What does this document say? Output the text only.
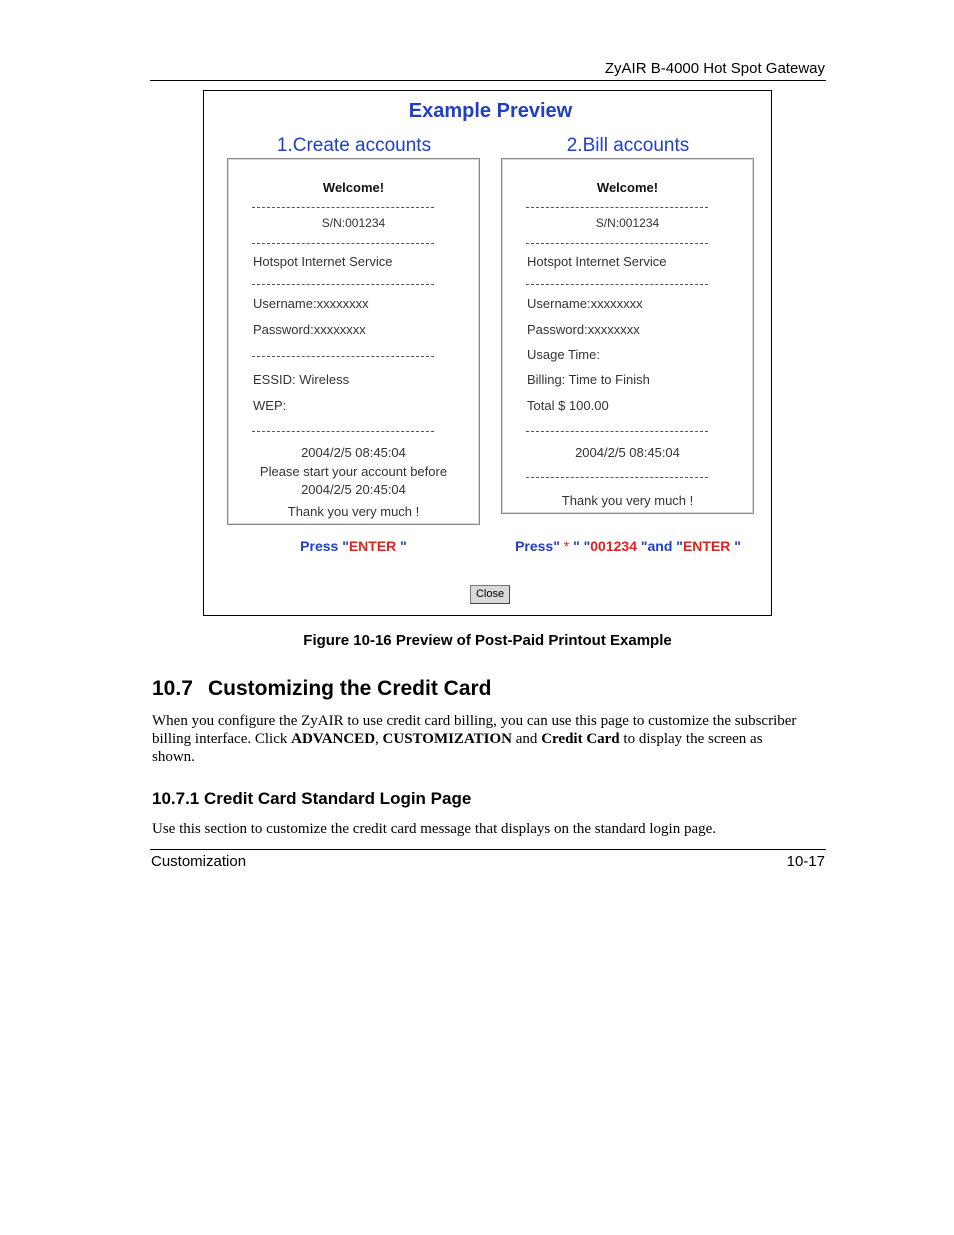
ZyAIR B-4000 Hot Spot Gateway
Example Preview
1.Create accounts	2.Bill accounts
Welcome!
S/N:001234
Hotspot Internet Service
Username:xxxxxxxx
Password:xxxxxxxx
ESSID: Wireless
WEP:
2004/2/5 08:45:04
Please start your account before
2004/2/5 20:45:04
Thank you very much !
Welcome!
S/N:001234
Hotspot Internet Service
Username:xxxxxxxx
Password:xxxxxxxx
Usage Time:
Billing: Time to Finish
Total $ 100.00
2004/2/5 08:45:04
Thank you very much !
Press "ENTER "	Press" * " "001234 "and "ENTER "
Close
Figure 10-16 Preview of Post-Paid Printout Example
10.7 Customizing the Credit Card
When you configure the ZyAIR to use credit card billing, you can use this page to customize the subscriber
billing interface. Click ADVANCED, CUSTOMIZATION and Credit Card to display the screen as
shown.
10.7.1 Credit Card Standard Login Page
Use this section to customize the credit card message that displays on the standard login page.
Customization	10-17
